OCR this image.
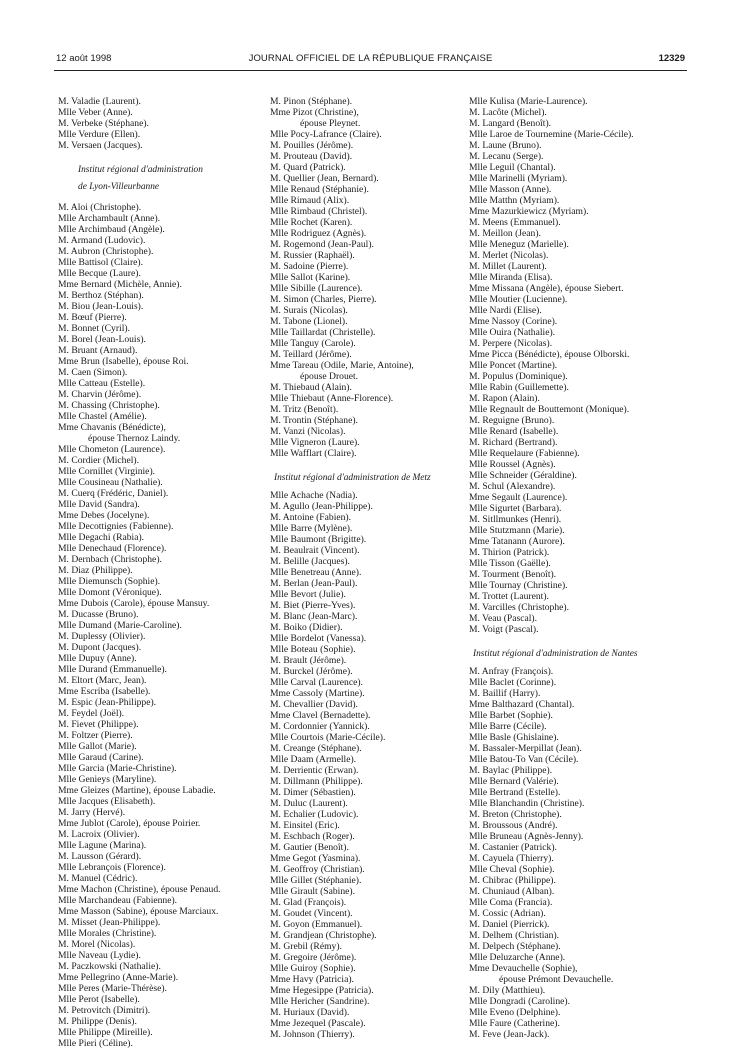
12 août 1998	JOURNAL OFFICIEL DE LA RÉPUBLIQUE FRANÇAISE	12329
M. Valadie (Laurent).
Mlle Veber (Anne).
M. Verbeke (Stéphane).
Mlle Verdure (Ellen).
M. Versaen (Jacques).
Institut régional d'administration
de Lyon-Villeurbanne
M. Aloi (Christophe).
Mlle Archambault (Anne).
Mlle Archimbaud (Angèle).
M. Armand (Ludovic).
M. Aubron (Christophe).
Mlle Battisol (Claire).
Mlle Becque (Laure).
Mme Bernard (Michèle, Annie).
M. Berthoz (Stéphan).
M. Biou (Jean-Louis).
M. Bœuf (Pierre).
M. Bonnet (Cyril).
M. Borel (Jean-Louis).
M. Bruant (Arnaud).
Mme Brun (Isabelle), épouse Roi.
M. Caen (Simon).
Mlle Catteau (Estelle).
M. Charvin (Jérôme).
M. Chassing (Christophe).
Mlle Chastel (Amélie).
Mme Chavanis (Bénédicte),
épouse Thernoz Laindy.
Mlle Chometon (Laurence).
M. Cordier (Michel).
Mlle Cornillet (Virginie).
Mlle Cousineau (Nathalie).
M. Cuerq (Frédéric, Daniel).
Mlle David (Sandra).
Mme Debes (Jocelyne).
Mlle Decottignies (Fabienne).
Mlle Degachi (Rabia).
Mlle Denechaud (Florence).
M. Dernbach (Christophe).
M. Diaz (Philippe).
Mlle Diemunsch (Sophie).
Mlle Domont (Véronique).
Mme Dubois (Carole), épouse Mansuy.
M. Ducasse (Bruno).
Mlle Dumand (Marie-Caroline).
M. Duplessy (Olivier).
M. Dupont (Jacques).
Mlle Dupuy (Anne).
Mlle Durand (Emmanuelle).
M. Eltort (Marc, Jean).
Mme Escriba (Isabelle).
M. Espic (Jean-Philippe).
M. Feydel (Joël).
M. Fievet (Philippe).
M. Foltzer (Pierre).
Mlle Gallot (Marie).
Mlle Garaud (Carine).
Mlle Garcia (Marie-Christine).
Mlle Genieys (Maryline).
Mme Gleizes (Martine), épouse Labadie.
Mlle Jacques (Elisabeth).
M. Jarry (Hervé).
Mme Jublot (Carole), épouse Poirier.
M. Lacroix (Olivier).
Mlle Lagune (Marina).
M. Lausson (Gérard).
Mlle Lebrançois (Florence).
M. Manuel (Cédric).
Mme Machon (Christine), épouse Penaud.
Mlle Marchandeau (Fabienne).
Mme Masson (Sabine), épouse Marciaux.
M. Misset (Jean-Philippe).
Mlle Morales (Christine).
M. Morel (Nicolas).
Mlle Naveau (Lydie).
M. Paczkowski (Nathalie).
Mme Pellegrino (Anne-Marie).
Mlle Peres (Marie-Thérèse).
Mlle Perot (Isabelle).
M. Petrovitch (Dimitri).
M. Philippe (Denis).
Mlle Philippe (Mireille).
Mlle Pieri (Céline).
M. Pinon (Stéphane).
Mme Pizot (Christine),
épouse Pleynet.
Mlle Pocy-Lafrance (Claire).
M. Pouilles (Jérôme).
M. Prouteau (David).
M. Quard (Patrick).
M. Quellier (Jean, Bernard).
Mlle Renaud (Stéphanie).
Mlle Rimaud (Alix).
Mlle Rimbaud (Christel).
Mlle Rochet (Karen).
Mlle Rodriguez (Agnès).
M. Rogemond (Jean-Paul).
M. Russier (Raphaël).
M. Sadoine (Pierre).
Mlle Sallot (Karine).
Mlle Sibille (Laurence).
M. Simon (Charles, Pierre).
M. Surais (Nicolas).
M. Tabone (Lionel).
Mlle Taillardat (Christelle).
Mlle Tanguy (Carole).
M. Teillard (Jérôme).
Mme Tareau (Odile, Marie, Antoine),
épouse Drouet.
M. Thiebaud (Alain).
Mlle Thiebaut (Anne-Florence).
M. Tritz (Benoît).
M. Trontin (Stéphane).
M. Vanzi (Nicolas).
Mlle Vigneron (Laure).
Mlle Wafflart (Claire).
Institut régional d'administration de Metz
Mlle Achache (Nadia).
M. Agullo (Jean-Philippe).
M. Antoine (Fabien).
Mlle Barre (Mylène).
Mlle Baumont (Brigitte).
M. Beaulrait (Vincent).
M. Belille (Jacques).
Mlle Benetreau (Anne).
M. Berlan (Jean-Paul).
Mlle Bevort (Julie).
M. Biet (Pierre-Yves).
M. Blanc (Jean-Marc).
M. Boiko (Didier).
Mlle Bordelot (Vanessa).
Mlle Boteau (Sophie).
M. Brault (Jérôme).
M. Burckel (Jérôme).
Mlle Carval (Laurence).
Mme Cassoly (Martine).
M. Chevallier (David).
Mme Clavel (Bernadette).
M. Cordonnier (Yannick).
Mlle Courtois (Marie-Cécile).
M. Creange (Stéphane).
Mlle Daam (Armelle).
M. Derrientic (Erwan).
M. Dillmann (Philippe).
M. Dimer (Sébastien).
M. Duluc (Laurent).
M. Echalier (Ludovic).
M. Einsitel (Eric).
M. Eschbach (Roger).
M. Gautier (Benoît).
Mme Gegot (Yasmina).
M. Geoffroy (Christian).
Mlle Gillet (Stéphanie).
Mlle Girault (Sabine).
M. Glad (François).
M. Goudet (Vincent).
M. Goyon (Emmanuel).
M. Grandjean (Christophe).
M. Grebil (Rémy).
M. Gregoire (Jérôme).
Mlle Guiroy (Sophie).
Mme Havy (Patricia).
Mme Hegesippe (Patricia).
Mlle Hericher (Sandrine).
M. Huriaux (David).
Mme Jezequel (Pascale).
M. Johnson (Thierry).
Mlle Kulisa (Marie-Laurence).
M. Lacôte (Michel).
M. Langard (Benoît).
Mlle Laroe de Tournemine (Marie-Cécile).
M. Laune (Bruno).
M. Lecanu (Serge).
Mlle Leguil (Chantal).
Mlle Marinelli (Myriam).
Mlle Masson (Anne).
Mlle Matthn (Myriam).
Mme Mazurkiewicz (Myriam).
M. Meens (Emmanuel).
M. Meillon (Jean).
Mlle Meneguz (Marielle).
M. Merlet (Nicolas).
M. Millet (Laurent).
Mlle Miranda (Elisa).
Mme Missana (Angèle), épouse Siebert.
Mlle Moutier (Lucienne).
Mlle Nardi (Elise).
Mme Nassoy (Corine).
Mlle Ouira (Nathalie).
M. Perpere (Nicolas).
Mme Picca (Bénédicte), épouse Olborski.
Mlle Poncet (Martine).
M. Populus (Dominique).
Mlle Rabin (Guillemette).
M. Rapon (Alain).
Mlle Regnault de Bouttemont (Monique).
M. Reguigne (Bruno).
Mlle Renard (Isabelle).
M. Richard (Bertrand).
Mlle Requelaure (Fabienne).
Mlle Roussel (Agnès).
Mlle Schneider (Géraldine).
M. Schul (Alexandre).
Mme Segault (Laurence).
Mlle Sigurtet (Barbara).
M. Sitllmunkes (Henri).
Mlle Stutzmann (Marie).
Mme Tatanann (Aurore).
M. Thirion (Patrick).
Mlle Tisson (Gaëlle).
M. Tourment (Benoît).
Mlle Tournay (Christine).
M. Trottet (Laurent).
M. Varcilles (Christophe).
M. Veau (Pascal).
M. Voigt (Pascal).
Institut régional d'administration de Nantes
M. Anfray (François).
Mlle Baclet (Corinne).
M. Baillif (Harry).
Mme Balthazard (Chantal).
Mlle Barbet (Sophie).
Mlle Barre (Cécile).
Mlle Basle (Ghislaine).
M. Bassaler-Merpillat (Jean).
Mlle Batou-To Van (Cécile).
M. Baylac (Philippe).
Mlle Bernard (Valérie).
Mlle Bertrand (Estelle).
Mlle Blanchandin (Christine).
M. Breton (Christophe).
M. Broussous (André).
Mlle Bruneau (Agnès-Jenny).
M. Castanier (Patrick).
M. Cayuela (Thierry).
Mlle Cheval (Sophie).
M. Chibrac (Philippe).
M. Chuniaud (Alban).
Mlle Coma (Francia).
M. Cossic (Adrian).
M. Daniel (Pierrick).
M. Delhem (Christian).
M. Delpech (Stéphane).
Mlle Deluzarche (Anne).
Mme Devauchelle (Sophie),
épouse Prémont Devauchelle.
M. Dily (Matthieu).
Mlle Dongradi (Caroline).
Mlle Eveno (Delphine).
Mlle Faure (Catherine).
M. Feve (Jean-Jack).
